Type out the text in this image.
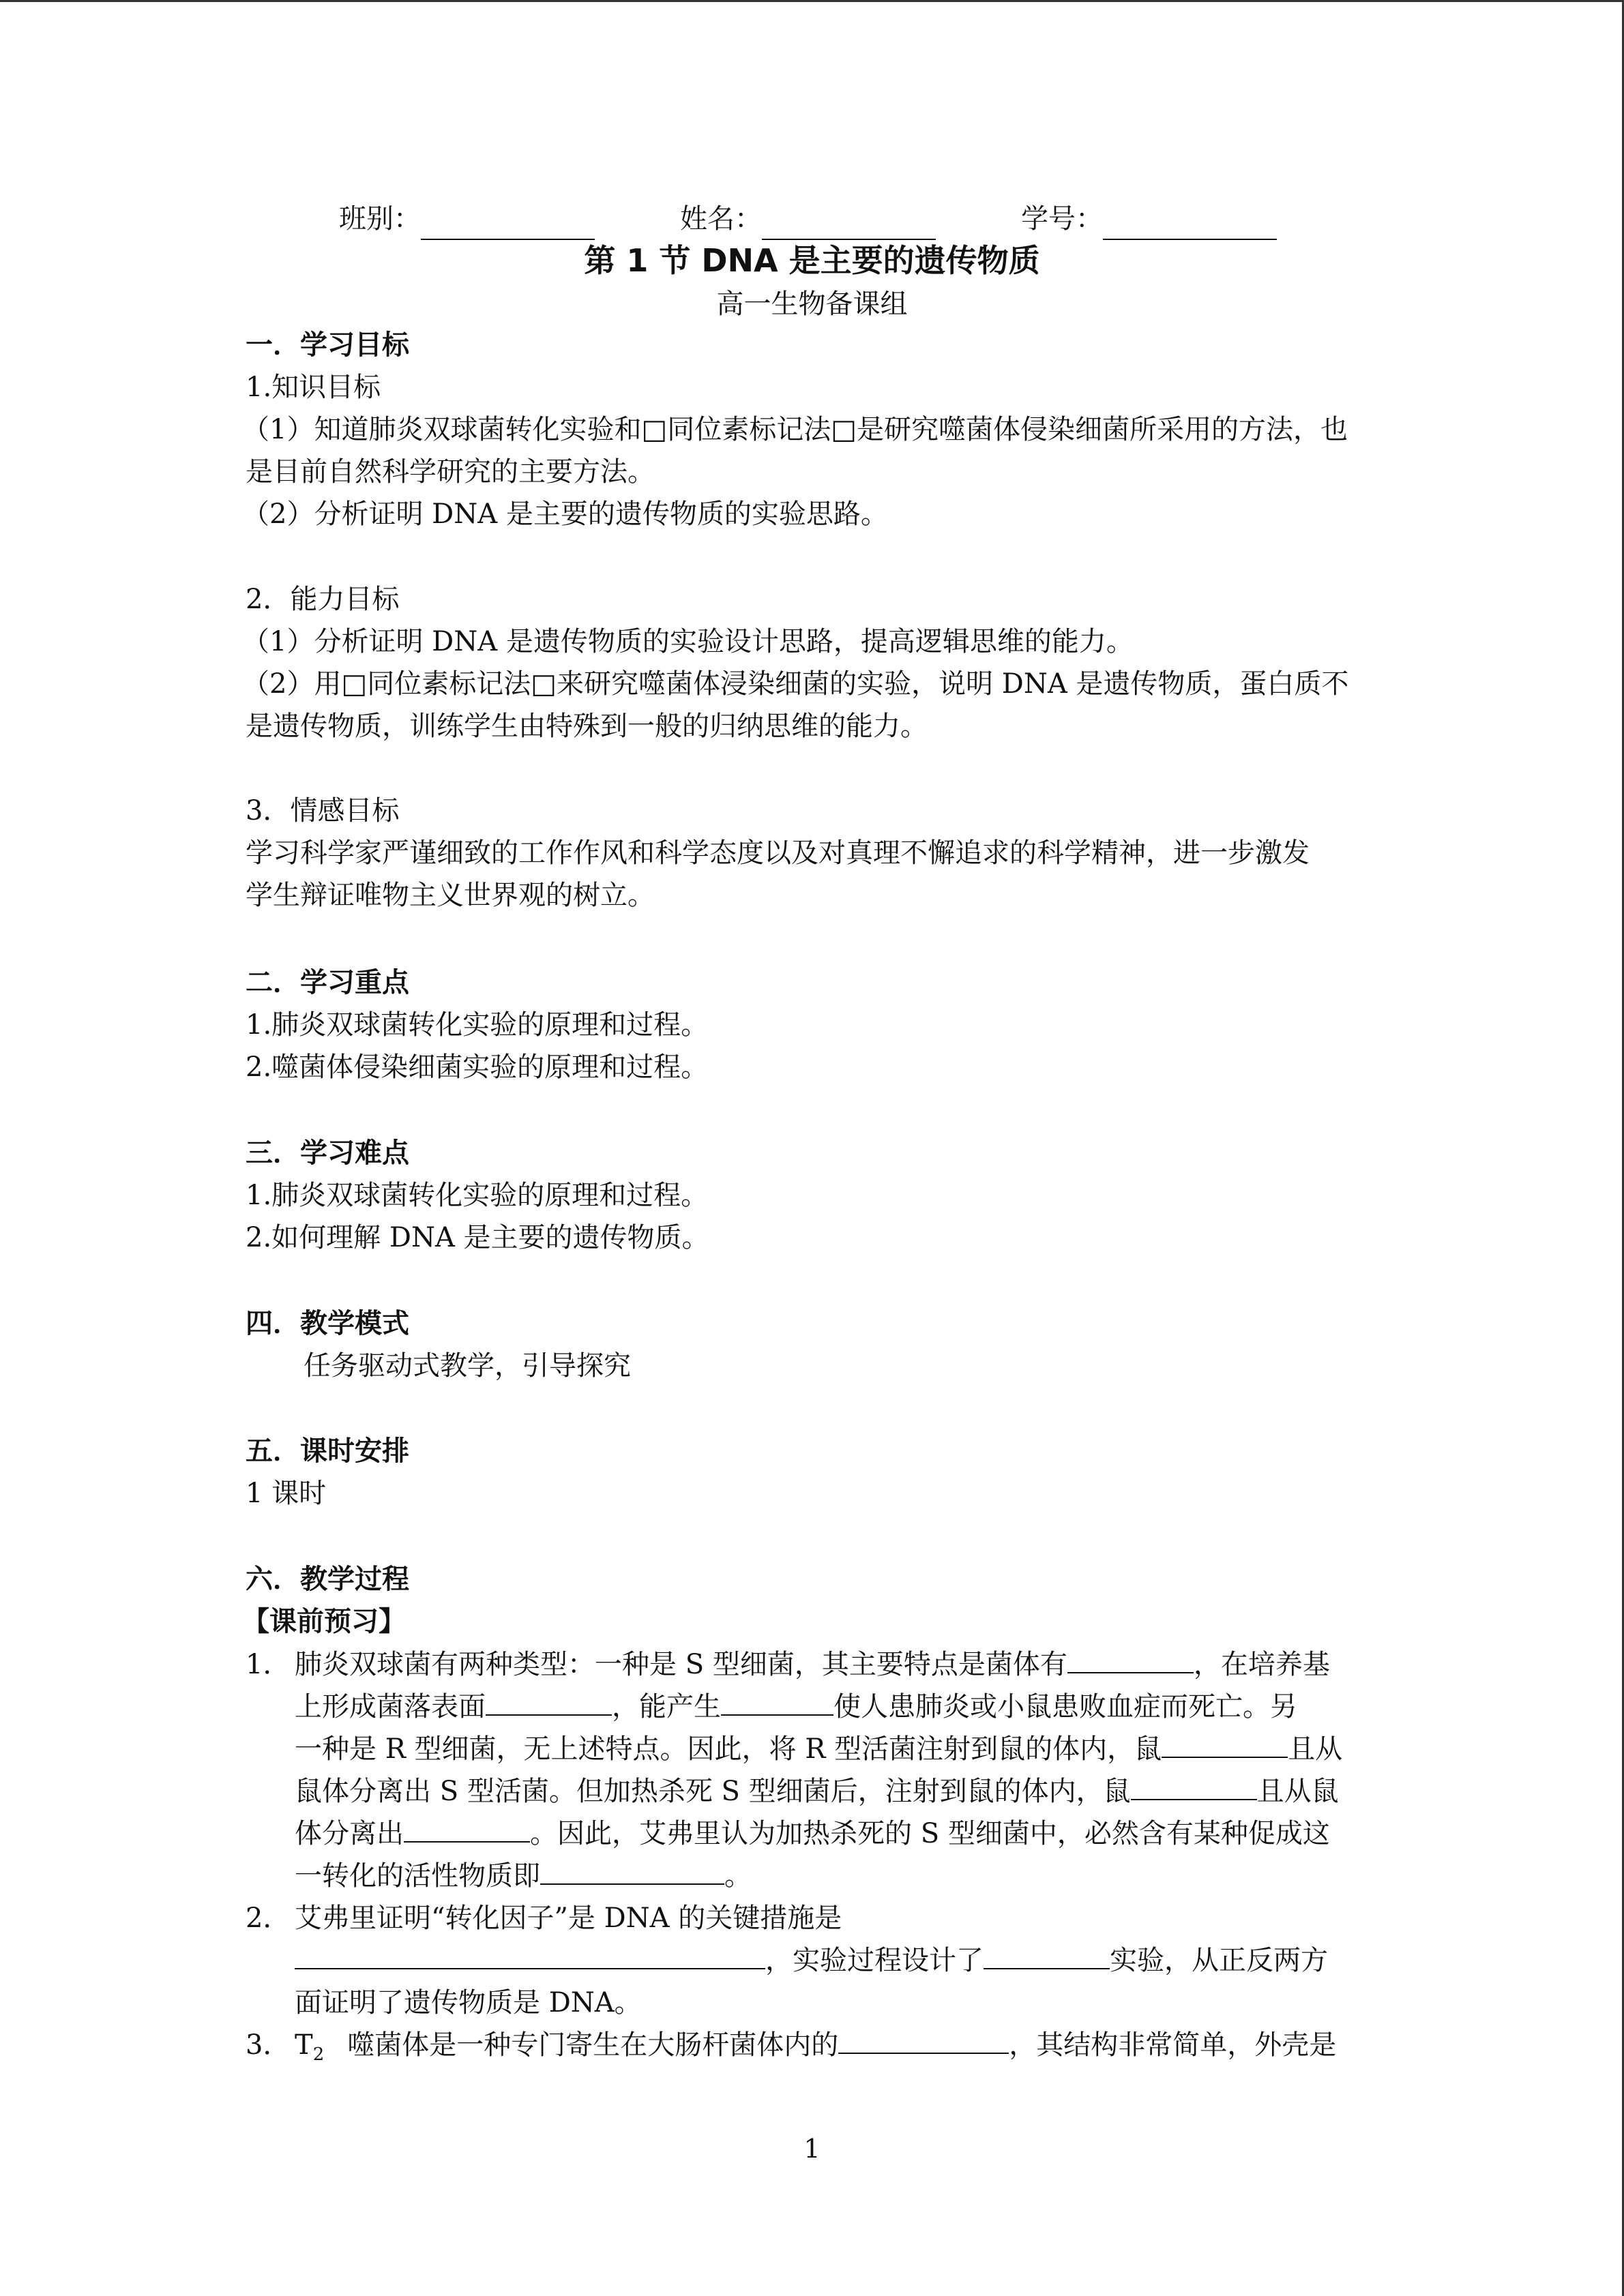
班别：	姓名：	学号：
第 1 节 DNA 是主要的遗传物质
高一生物备课组
一．学习目标
1.知识目标
（1）知道肺炎双球菌转化实验和□同位素标记法□是研究噬菌体侵染细菌所采用的方法，也
是目前自然科学研究的主要方法。
（2）分析证明 DNA 是主要的遗传物质的实验思路。
2．能力目标
（1）分析证明 DNA 是遗传物质的实验设计思路，提高逻辑思维的能力。
（2）用□同位素标记法□来研究噬菌体浸染细菌的实验，说明 DNA 是遗传物质，蛋白质不
是遗传物质，训练学生由特殊到一般的归纳思维的能力。
3．情感目标
学习科学家严谨细致的工作作风和科学态度以及对真理不懈追求的科学精神，进一步激发
学生辩证唯物主义世界观的树立。
二．学习重点
1.肺炎双球菌转化实验的原理和过程。
2.噬菌体侵染细菌实验的原理和过程。
三．学习难点
1.肺炎双球菌转化实验的原理和过程。
2.如何理解 DNA 是主要的遗传物质。
四．教学模式
任务驱动式教学，引导探究
五．课时安排
1 课时
六．教学过程
【课前预习】
1． 肺炎双球菌有两种类型：一种是 S 型细菌，其主要特点是菌体有	，在培养基
上形成菌落表面	，能产生	使人患肺炎或小鼠患败血症而死亡。另
一种是 R 型细菌，无上述特点。因此，将 R 型活菌注射到鼠的体内，鼠	且从
鼠体分离出 S 型活菌。但加热杀死 S 型细菌后，注射到鼠的体内，鼠	且从鼠
体分离出	。因此，艾弗里认为加热杀死的 S 型细菌中，必然含有某种促成这
一转化的活性物质即	。
2． 艾弗里证明“转化因子”是 DNA 的关键措施是
，实验过程设计了	实验，从正反两方
面证明了遗传物质是 DNA。
3． $T_2$ 噬菌体是一种专门寄生在大肠杆菌体内的	，其结构非常简单，外壳是
1
